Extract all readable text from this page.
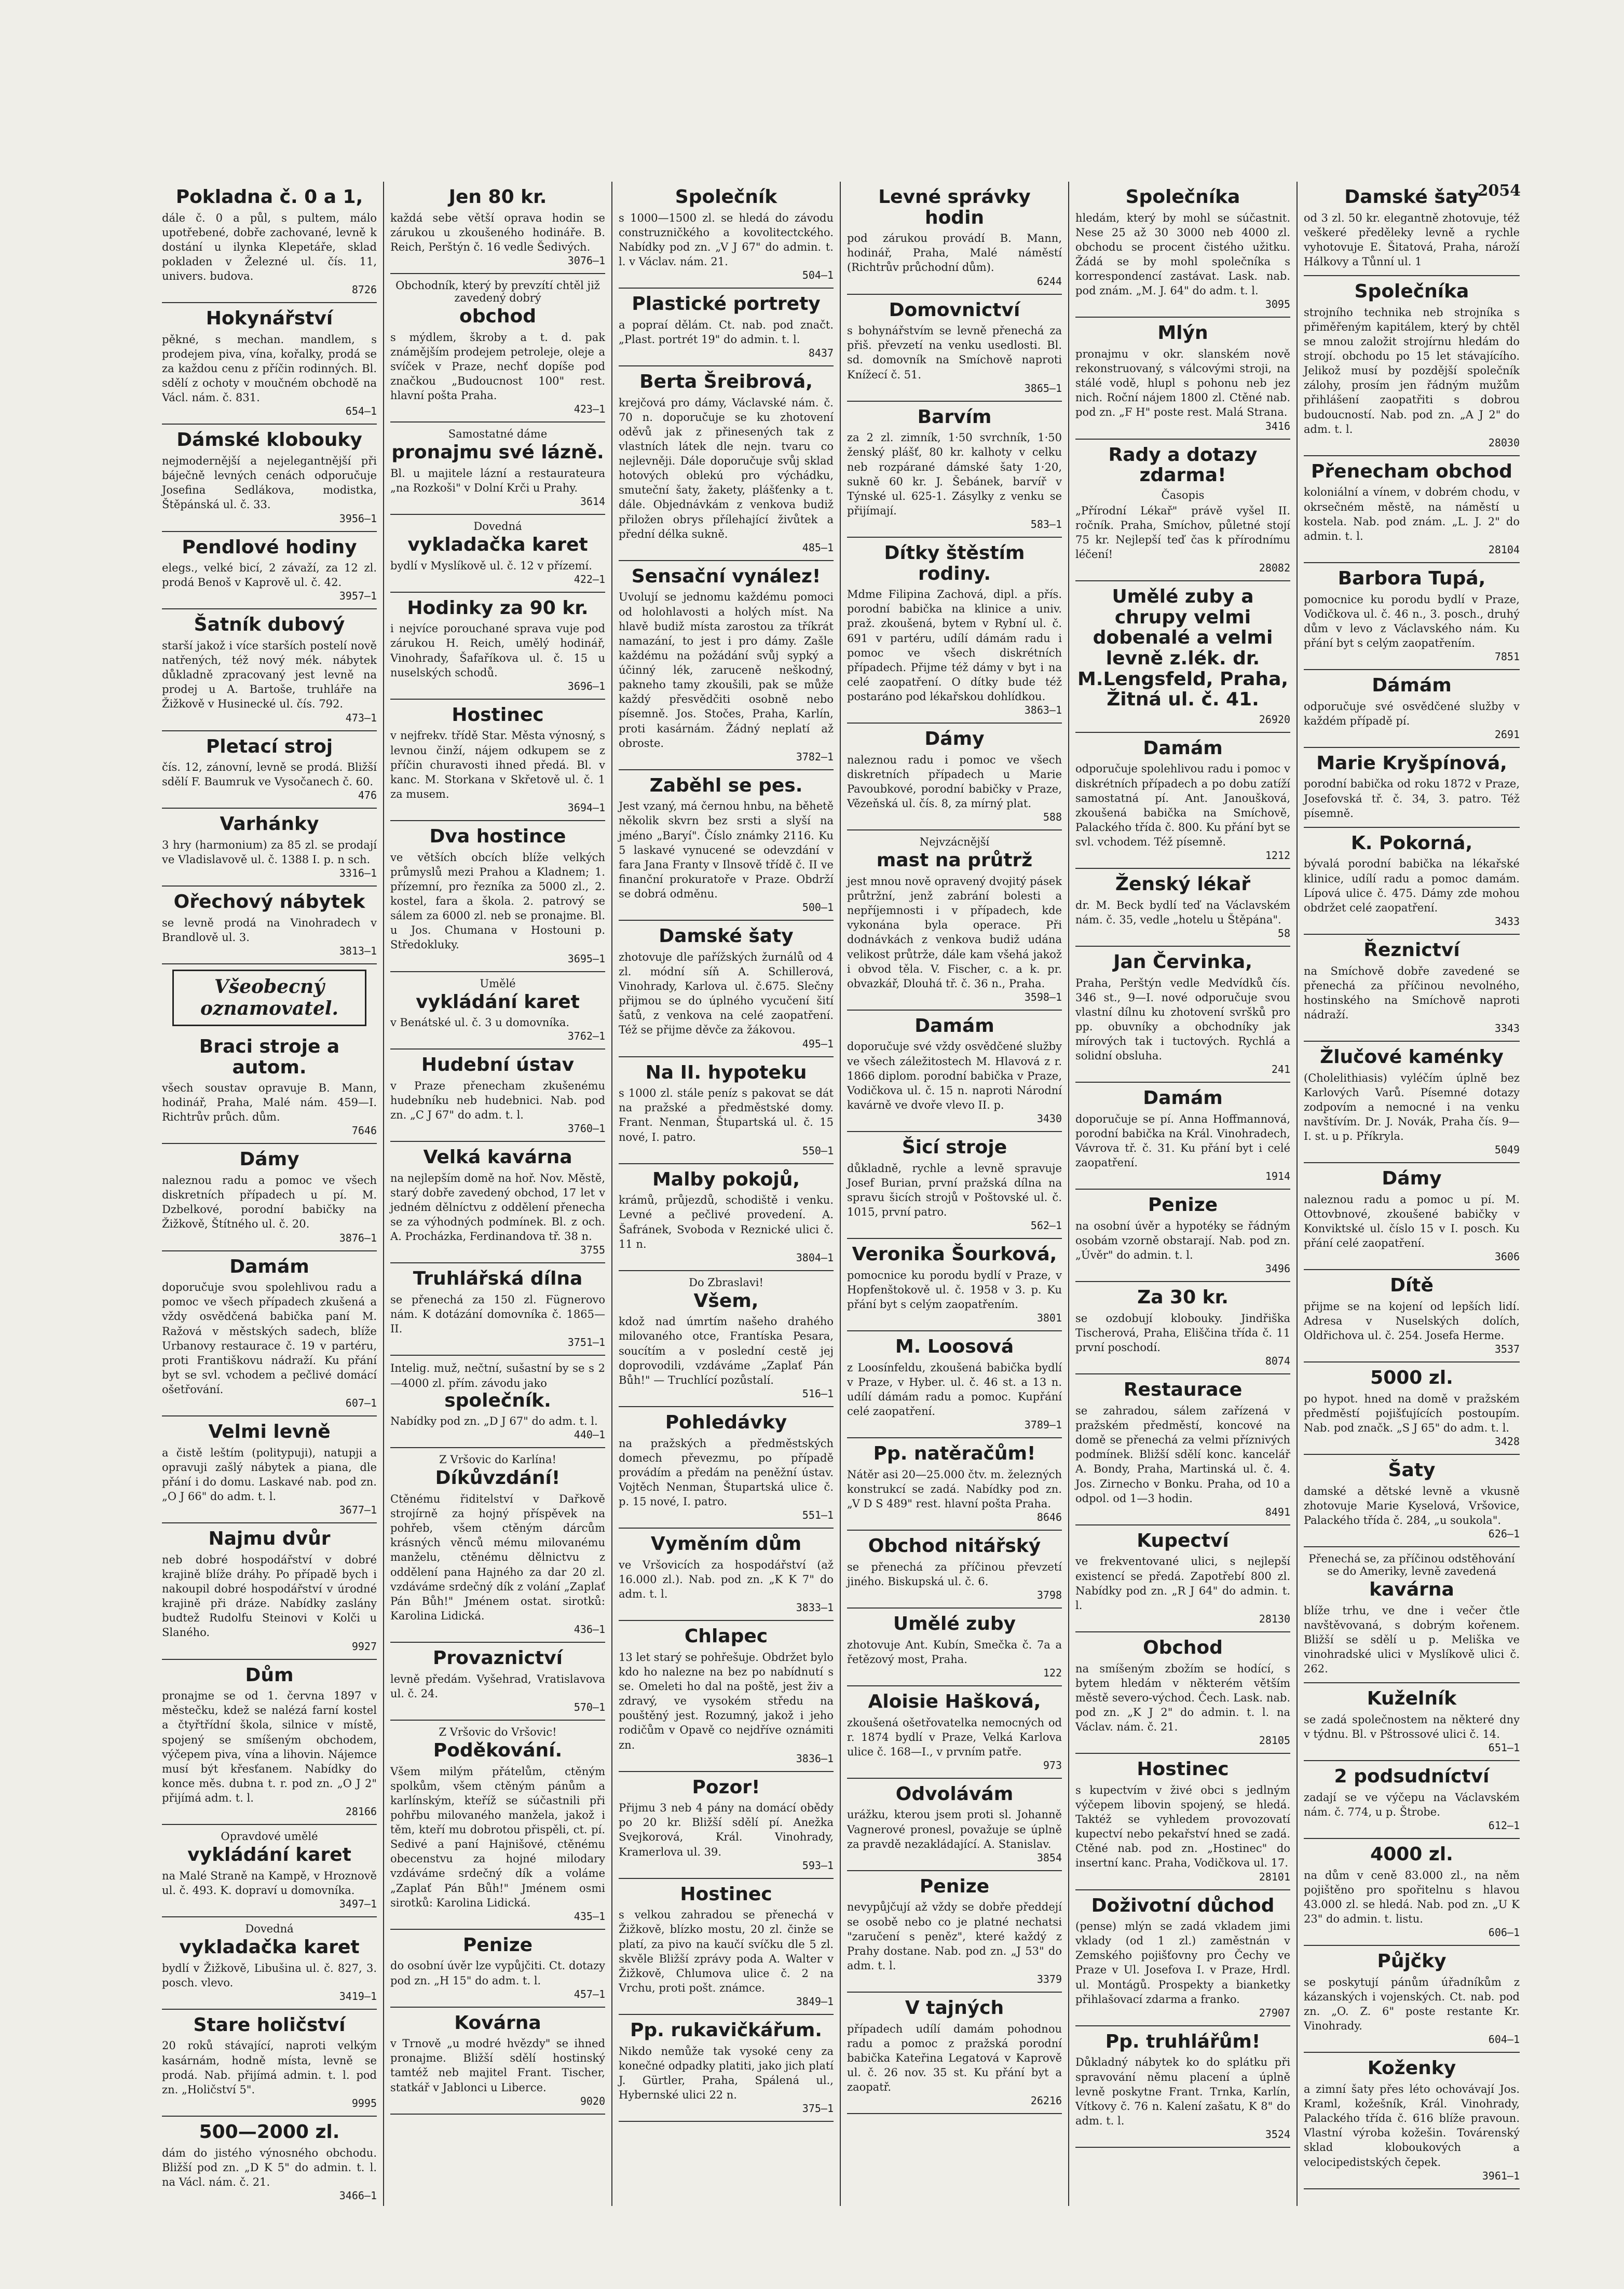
2054
Pokladna č. 0 a 1,
dále č. 0 a půl, s pultem, málo upotřebené, dobře zachované, levně k dostání u ilynka Klepetáře, sklad pokladen v Železné ul. čís. 11, univers. budova.
8726
Hokynářství
pěkné, s mechan. mandlem, s prodejem piva, vína, kořalky, prodá se za každou cenu z příčin rodinných. Bl. sdělí z ochoty v moučném obchodě na Václ. nám. č. 831.
654—1
Dámské klobouky
nejmodernější a nejelegantnější při báječně levných cenách odporučuje Josefina Sedlákova, modistka, Štěpánská ul. č. 33.
3956—1
Pendlové hodiny
elegs., velké bicí, 2 závaží, za 12 zl. prodá Benoš v Kaprově ul. č. 42.
3957—1
Šatník dubový
starší jakož i více starších postelí nově natřených, též nový mék. nábytek důkladně zpracovaný jest levně na prodej u A. Bartoše, truhláře na Žižkově v Husinecké ul. čís. 792.
473—1
Pletací stroj
čís. 12, zánovní, levně se prodá. Bližší sdělí F. Baumruk ve Vysočanech č. 60.
476
Varhánky
3 hry (harmonium) za 85 zl. se prodají ve Vladislavově ul. č. 1388 I. p. n sch.
3316—1
Ořechový nábytek
se levně prodá na Vinohradech v Brandlově ul. 3.
3813—1
Všeobecný oznamovatel.
Braci stroje a autom.
všech soustav opravuje B. Mann, hodinář, Praha, Malé nám. 459—I. Richtrův průch. dům.
7646
Dámy
naleznou radu a pomoc ve všech diskretních případech u pí. M. Dzbelkové, porodní babičky na Žižkově, Štítného ul. č. 20.
3876—1
Damám
doporučuje svou spolehlivou radu a pomoc ve všech případech zkušená a vždy osvědčená babička paní M. Ražová v městských sadech, blíže Urbanovy restaurace č. 19 v partéru, proti Františkovu nádraží. Ku přání byt se svl. vchodem a pečlivé domácí ošetřování.
607—1
Velmi levně
a čistě leštím (politypuji), natupji a opravuji zašlý nábytek a piana, dle přání i do domu. Laskavé nab. pod zn. „O J 66" do adm. t. l.
3677—1
Najmu dvůr
neb dobré hospodářství v dobré krajině blíže dráhy. Po případě bych i nakoupil dobré hospodářství v úrodné krajině při dráze. Nabídky zaslány budtež Rudolfu Steinovi v Kolči u Slaného.
9927
Dům
pronajme se od 1. června 1897 v městečku, kdež se nalézá farní kostel a čtyřtřídní škola, silnice v místě, spojený se smíšeným obchodem, výčepem piva, vína a lihovin. Nájemce musí být křesťanem. Nabídky do konce měs. dubna t. r. pod zn. „O J 2" přijímá adm. t. l.
28166
Opravdové umělé
vykládání karet
na Malé Straně na Kampě, v Hroznově ul. č. 493. K. dopraví u domovníka.
3497—1
Dovedná
vykladačka karet
bydlí v Žižkově, Libušina ul. č. 827, 3. posch. vlevo.
3419—1
Stare holičství
20 roků stávající, naproti velkým kasárnám, hodně místa, levně se prodá. Nab. přijímá admin. t. l. pod zn. „Holičství 5".
9995
500—2000 zl.
dám do jistého výnosného obchodu. Bližší pod zn. „D K 5" do admin. t. l. na Václ. nám. č. 21.
3466—1
Jen 80 kr.
každá sebe větší oprava hodin se zárukou u zkoušeného hodináře. B. Reich, Perštýn č. 16 vedle Šedivých.
3076—1
Obchodník, který by prevzítí chtěl již zavedený dobrý
obchod
s mýdlem, škroby a t. d. pak známějším prodejem petroleje, oleje a svíček v Praze, nechť dopíše pod značkou „Budoucnost 100" rest. hlavní pošta Praha.
423—1
Samostatné dáme
pronajmu své lázně.
Bl. u majitele lázní a restaurateura „na Rozkoši" v Dolní Krči u Prahy.
3614
Dovedná
vykladačka karet
bydlí v Myslíkově ul. č. 12 v přízemí.
422—1
Hodinky za 90 kr.
i nejvíce porouchané sprava vuje pod zárukou H. Reich, umělý hodinář, Vinohrady, Šafaříkova ul. č. 15 u nuselských schodů.
3696—1
Hostinec
v nejfrekv. třídě Star. Města výnosný, s levnou činží, nájem odkupem se z příčin churavosti ihned předá. Bl. v kanc. M. Storkana v Skřetově ul. č. 1 za musem.
3694—1
Dva hostince
ve větších obcích blíže velkých průmyslů mezi Prahou a Kladnem; 1. přízemní, pro řezníka za 5000 zl., 2. kostel, fara a škola. 2. patrový se sálem za 6000 zl. neb se pronajme. Bl. u Jos. Chumana v Hostouni p. Středokluky.
3695—1
Umělé
vykládání karet
v Benátské ul. č. 3 u domovníka.
3762—1
Hudební ústav
v Praze přenecham zkušenému hudebníku neb hudebnici. Nab. pod zn. „C J 67" do adm. t. l.
3760—1
Velká kavárna
na nejlepším domě na hoř. Nov. Městě, starý dobře zavedený obchod, 17 let v jedném dělníctvu z oddělení přenecha se za výhodných podmínek. Bl. z och. A. Procházka, Ferdinandova tř. 38 n.
3755
Truhlářská dílna
se přenechá za 150 zl. Fügnerovo nám. K dotázání domovníka č. 1865—II.
3751—1
Intelig. muž, nečtní, sušastní by se s 2—4000 zl. přím. závodu jako
společník.
Nabídky pod zn. „D J 67" do adm. t. l.
440—1
Z Vršovic do Karlína!
Díkůvzdání!
Ctěnému řiditelství v Dařkově strojírně za hojný příspěvek na pohřeb, všem ctěným dárcům krásných věnců mému milovanému manželu, ctěnému dělnictvu z oddělení pana Hajného za dar 20 zl. vzdáváme srdečný dík z volání „Zaplať Pán Bůh!" Jménem ostat. sirotků: Karolina Lidická.
436—1
Provaznictví
levně předám. Vyšehrad, Vratislavova ul. č. 24.
570—1
Z Vršovic do Vršovic!
Poděkování.
Všem milým přátelům, ctěným spolkům, všem ctěným pánům a karlínským, kteříž se súčastnili při pohřbu milovaného manžela, jakož i těm, kteří mu dobrotou přispěli, ct. pí. Sedivé a paní Hajnišové, ctěnému obecenstvu za hojné milodary vzdáváme srdečný dík a voláme „Zaplať Pán Bůh!" Jménem osmi sirotků: Karolina Lidická.
435—1
Penize
do osobní úvěr lze vypůjčiti. Ct. dotazy pod zn. „H 15" do adm. t. l.
457—1
Kovárna
v Trnově „u modré hvězdy" se ihned pronajme. Bližší sdělí hostinský tamtéž neb majitel Frant. Tischer, statkář v Jablonci u Liberce.
9020
Společník
s 1000—1500 zl. se hledá do závodu construzničkého a kovolitectckého. Nabídky pod zn. „V J 67" do admin. t. l. v Václav. nám. 21.
504—1
Plastické portrety
a popraí dělám. Ct. nab. pod značt. „Plast. portrét 19" do admin. t. l.
8437
Berta Šreibrová,
krejčová pro dámy, Václavské nám. č. 70 n. doporučuje se ku zhotovení oděvů jak z přinesených tak z vlastních látek dle nejn. tvaru co nejlevněji. Dále doporučuje svůj sklad hotových oblekú pro výchádku, smuteční šaty, žakety, plášťenky a t. dále. Objednávkám z venkova budiž přiložen obrys přílehající živůtek a přední délka sukně.
485—1
Sensační vynález!
Uvolují se jednomu každému pomoci od holohlavosti a holých míst. Na hlavě budiž místa zarostou za tříkrát namazání, to jest i pro dámy. Zašle každému na požádání svůj sypký a účinný lék, zaruceně neškodný, pakneho tamy zkoušili, pak se může každý přesvědčiti osobně nebo písemně. Jos. Stočes, Praha, Karlín, proti kasárnám. Žádný neplatí až obroste.
3782—1
Zaběhl se pes.
Jest vzaný, má černou hnbu, na běhetě několik skvrn bez srsti a slyší na jméno „Baryí". Číslo známky 2116. Ku 5 laskavé vynucené se odevzdání v fara Jana Franty v Ilnsově třídě č. II ve finanční prokuratoře v Praze. Obdrží se dobrá odměnu.
500—1
Damské šaty
zhotovuje dle pařížských žurnálů od 4 zl. módní síň A. Schillerová, Vinohrady, Karlova ul. č.675. Slečny přijmou se do úplného vycučení šití šatů, z venkova na celé zaopatření. Též se přijme děvče za žákovou.
495—1
Na II. hypoteku
s 1000 zl. stále peníz s pakovat se dát na pražské a předměstské domy. Frant. Nenman, Štupartská ul. č. 15 nové, I. patro.
550—1
Malby pokojů,
krámů, průjezdů, schodiště i venku. Levné a pečlivé provedení. A. Šafránek, Svoboda v Reznické ulici č. 11 n.
3804—1
Do Zbraslavi!
Všem,
kdož nad úmrtím našeho drahého milovaného otce, Frantíska Pesara, soucítím a v poslední cestě jej doprovodili, vzdáváme „Zaplať Pán Bůh!" — Truchlící pozůstalí.
516—1
Pohledávky
na pražských a předměstských domech převezmu, po případě provádím a předám na peněžní ústav. Vojtěch Nenman, Štupartská ulice č. p. 15 nové, I. patro.
551—1
Vyměním dům
ve Vršovicích za hospodářství (až 16.000 zl.). Nab. pod zn. „K K 7" do adm. t. l.
3833—1
Chlapec
13 let starý se pohřešuje. Obdržet bylo kdo ho nalezne na bez po nabídnutí s se. Omeleti ho dal na poště, jest živ a zdravý, ve vysokém středu na pouštěný jest. Rozumný, jakož i jeho rodičům v Opavě co nejdříve oznámiti zn.
3836—1
Pozor!
Přijmu 3 neb 4 pány na domácí obědy po 20 kr. Bližší sdělí pí. Anežka Svejkorová, Král. Vinohrady, Kramerlova ul. 39.
593—1
Hostinec
s velkou zahradou se přenechá v Žižkově, blízko mostu, 20 zl. činže se platí, za pivo na kaučí svíčku dle 5 zl. skvěle Bližší zprávy poda A. Walter v Žižkově, Chlumova ulice č. 2 na Vrchu, proti pošt. známce.
3849—1
Pp. rukavičkářum.
Nikdo nemůže tak vysoké ceny za konečné odpadky platiti, jako jich platí J. Gürtler, Praha, Spálená ul., Hybernské ulici 22 n.
375—1
Levné správky hodin
pod zárukou provádí B. Mann, hodinář, Praha, Malé náměstí (Richtrův průchodní dům).
6244
Domovnictví
s bohynářstvím se levně přenechá za přiš. převzetí na venku usedlosti. Bl. sd. domovník na Smíchově naproti Knížecí č. 51.
3865—1
Barvím
za 2 zl. zimník, 1·50 svrchník, 1·50 ženský plášť, 80 kr. kalhoty v celku neb rozpárané dámské šaty 1·20, sukně 60 kr. J. Šebánek, barvíř v Týnské ul. 625-1. Zásylky z venku se přijímají.
583—1
Dítky štěstím rodiny.
Mdme Filipina Zachová, dipl. a přís. porodní babička na klinice a univ. praž. zkoušená, bytem v Rybní ul. č. 691 v partéru, udílí dámám radu i pomoc ve všech diskrétních případech. Přijme též dámy v byt i na celé zaopatření. O dítky bude též postaráno pod lékařskou dohlídkou.
3863—1
Dámy
naleznou radu i pomoc ve všech diskretních případech u Marie Pavoubkové, porodní babičky v Praze, Vězeňská ul. čís. 8, za mírný plat.
588
Nejvzácnější
mast na průtrž
jest mnou nově opravený dvojitý pásek průtržní, jenž zabrání bolesti a nepříjemnosti i v případech, kde vykonána byla operace. Při dodnávkách z venkova budiž udána velikost průtrže, dále kam všehá jakož i obvod těla. V. Fischer, c. a k. pr. obvazkář, Dlouhá tř. č. 36 n., Praha.
3598—1
Damám
doporučuje své vždy osvědčené služby ve všech záležitostech M. Hlavová z r. 1866 diplom. porodní babička v Praze, Vodičkova ul. č. 15 n. naproti Národní kavárně ve dvoře vlevo II. p.
3430
Šicí stroje
důkladně, rychle a levně spravuje Josef Burian, první pražská dílna na spravu šicích strojů v Poštovské ul. č. 1015, první patro.
562—1
Veronika Šourková,
pomocnice ku porodu bydlí v Praze, v Hopfenštokově ul. č. 1958 v 3. p. Ku přání byt s celým zaopatřením.
3801
M. Loosová
z Loosínfeldu, zkoušená babička bydlí v Praze, v Hyber. ul. č. 46 st. a 13 n. udílí dámám radu a pomoc. Kupřání celé zaopatření.
3789—1
Pp. natěračům!
Nátěr asi 20—25.000 čtv. m. železných konstrukcí se zadá. Nabídky pod zn. „V D S 489" rest. hlavní pošta Praha.
8646
Obchod nitářský
se přenechá za příčinou převzetí jiného. Biskupská ul. č. 6.
3798
Umělé zuby
zhotovuje Ant. Kubín, Smečka č. 7a a řetězový most, Praha.
122
Aloisie Hašková,
zkoušená ošetřovatelka nemocných od r. 1874 bydlí v Praze, Velká Karlova ulice č. 168—I., v prvním patře.
973
Odvolávám
urážku, kterou jsem proti sl. Johanně Vagnerové pronesl, považuje se úplně za pravdě nezakládající. A. Stanislav.
3854
Penize
nevypůjčují až vždy se dobře předdejí se osobě nebo co je platné nechatsi "zaručení s peněz", které každý z Prahy dostane. Nab. pod zn. „J 53" do adm. t. l.
3379
V tajných
případech udílí damám pohodnou radu a pomoc z pražská porodní babička Kateřina Legatová v Kaprově ul. č. 26 nov. 35 st. Ku přání byt a zaopatř.
26216
Společníka
hledám, který by mohl se súčastnit. Nese 25 až 30 3000 neb 4000 zl. obchodu se procent čistého užitku. Žádá se by mohl společníka s korrespondencí zastávat. Lask. nab. pod znám. „M. J. 64" do adm. t. l.
3095
Mlýn
pronajmu v okr. slanském nově rekonstruovaný, s válcovými stroji, na stálé vodě, hlupl s pohonu neb jez nich. Roční nájem 1800 zl. Ctěné nab. pod zn. „F H" poste rest. Malá Strana.
3416
Rady a dotazy zdarma!
Časopis
„Přírodní Lékař" právě vyšel II. ročník. Praha, Smíchov, půletné stojí 75 kr. Nejlepší teď čas k přírodnímu léčení!
28082
Umělé zuby a chrupy velmi dobenalé a velmi levně z.lék. dr. M.Lengsfeld, Praha, Žitná ul. č. 41.
26920
Damám
odporučuje spolehlivou radu i pomoc v diskrétních případech a po dobu zatíží samostatná pí. Ant. Janoušková, zkoušená babička na Smíchově, Palackého třída č. 800. Ku přání byt se svl. vchodem. Též písemně.
1212
Ženský lékař
dr. M. Beck bydlí teď na Václavském nám. č. 35, vedle „hotelu u Štěpána".
58
Jan Červinka,
Praha, Perštýn vedle Medvídků čís. 346 st., 9—I. nové odporučuje svou vlastní dílnu ku zhotovení svršků pro pp. obuvníky a obchodníky jak mírových tak i tuctových. Rychlá a solidní obsluha.
241
Damám
doporučuje se pí. Anna Hoffmannová, porodní babička na Král. Vinohradech, Vávrova tř. č. 31. Ku přání byt i celé zaopatření.
1914
Penize
na osobní úvěr a hypotéky se řádným osobám vzorně obstarají. Nab. pod zn. „Úvěr" do admin. t. l.
3496
Za 30 kr.
se ozdobují klobouky. Jindřiška Tischerová, Praha, Eliščina třída č. 11 první poschodí.
8074
Restaurace
se zahradou, sálem zařízená v pražském předměstí, koncové na domě se přenechá za velmi příznivých podmínek. Bližší sdělí konc. kancelář A. Bondy, Praha, Martinská ul. č. 4. Jos. Zirnecho v Bonku. Praha, od 10 a odpol. od 1—3 hodin.
8491
Kupectví
ve frekventované ulici, s nejlepší existencí se předá. Zapotřebí 800 zl. Nabídky pod zn. „R J 64" do admin. t. l.
28130
Obchod
na smíšeným zbožím se hodící, s bytem hledám v některém větším městě severo-východ. Čech. Lask. nab. pod zn. „K J 2" do admin. t. l. na Václav. nám. č. 21.
28105
Hostinec
s kupectvím v živé obci s jedlným výčepem libovin spojený, se hledá. Taktéž se vyhledem provozovatí kupectví nebo pekařství hned se zadá. Ctěné nab. pod zn. „Hostinec" do insertní kanc. Praha, Vodičkova ul. 17.
28101
Doživotní důchod
(pense) mlýn se zadá vkladem jimi vklady (od 1 zl.) zaměstnán v Zemského pojišťovny pro Čechy ve Praze v Ul. Josefova I. v Praze, Hrdl. ul. Montágů. Prospekty a bianketky přihlašovací zdarma a franko.
27907
Pp. truhlářům!
Důkladný nábytek ko do splátku při spravování němu placení a úplně levně poskytne Frant. Trnka, Karlín, Vítkovy č. 76 n. Kalení zašatu, K 8" do adm. t. l.
3524
Damské šaty
od 3 zl. 50 kr. elegantně zhotovuje, též veškeré předěleky levně a rychle vyhotovuje E. Šitatová, Praha, nároží Hálkovy a Tůnní ul. 1
Společníka
strojního technika neb strojníka s přiměřeným kapitálem, který by chtěl se mnou založit strojírnu hledám do strojí. obchodu po 15 let stávajícího. Jelikož musí by pozdější společník zálohy, prosím jen řádným mužům přihlášení zaopatřiti s dobrou budoucností. Nab. pod zn. „A J 2" do adm. t. l.
28030
Přenecham obchod
koloniální a vínem, v dobrém chodu, v okrsečném městě, na náměstí u kostela. Nab. pod znám. „L. J. 2" do admin. t. l.
28104
Barbora Tupá,
pomocnice ku porodu bydlí v Praze, Vodičkova ul. č. 46 n., 3. posch., druhý dům v levo z Václavského nám. Ku přání byt s celým zaopatřením.
7851
Dámám
odporučuje své osvědčené služby v každém případě pí.
2691
Marie Kryšpínová,
porodní babička od roku 1872 v Praze, Josefovská tř. č. 34, 3. patro. Též písemně.
K. Pokorná,
bývalá porodní babička na lékařské klinice, udílí radu a pomoc damám. Lípová ulice č. 475. Dámy zde mohou obdržet celé zaopatření.
3433
Řeznictví
na Smíchově dobře zavedené se přenechá za příčinou nevolného, hostinského na Smíchově naproti nádraží.
3343
Žlučové kaménky
(Cholelithiasis) vyléčím úplně bez Karlových Varů. Písemné dotazy zodpovím a nemocné i na venku navštívím. Dr. J. Novák, Praha čís. 9—I. st. u p. Příkryla.
5049
Dámy
naleznou radu a pomoc u pí. M. Ottovbnové, zkoušené babičky v Konviktské ul. číslo 15 v I. posch. Ku přání celé zaopatření.
3606
Dítě
přijme se na kojení od lepších lidí. Adresa v Nuselských dolích, Oldřichova ul. č. 254. Josefa Herme.
3537
5000 zl.
po hypot. hned na domě v pražském předměstí pojišťujících postoupím. Nab. pod značk. „S J 65" do adm. t. l.
3428
Šaty
damské a dětské levně a vkusně zhotovuje Marie Kyselová, Vršovice, Palackého třída č. 284, „u soukola".
626—1
Přenechá se, za příčinou odstěhování se do Ameriky, levně zavedená
kavárna
blíže trhu, ve dne i večer čtle navštěvovaná, s dobrým kořenem. Bližší se sdělí u p. Meliška ve vinohradské ulici v Myslíkově ulici č. 262.
Kuželník
se zadá společnostem na některé dny v týdnu. Bl. v Pštrossové ulici č. 14.
651—1
2 podsudníctví
zadají se ve výčepu na Václavském nám. č. 774, u p. Štrobe.
612—1
4000 zl.
na dům v ceně 83.000 zl., na něm pojištěno pro spořitelnu s hlavou 43.000 zl. se hledá. Nab. pod zn. „U K 23" do admin. t. listu.
606—1
Půjčky
se poskytují pánům úřadníkům z kázanských i vojenských. Ct. nab. pod zn. „O. Z. 6" poste restante Kr. Vinohrady.
604—1
Koženky
a zimní šaty přes léto ochovávají Jos. Kraml, kožešník, Král. Vinohrady, Palackého třída č. 616 blíže pravoun. Vlastní výroba kožešin. Továrenský sklad kloboukových a velocipedistských čepek.
3961—1
